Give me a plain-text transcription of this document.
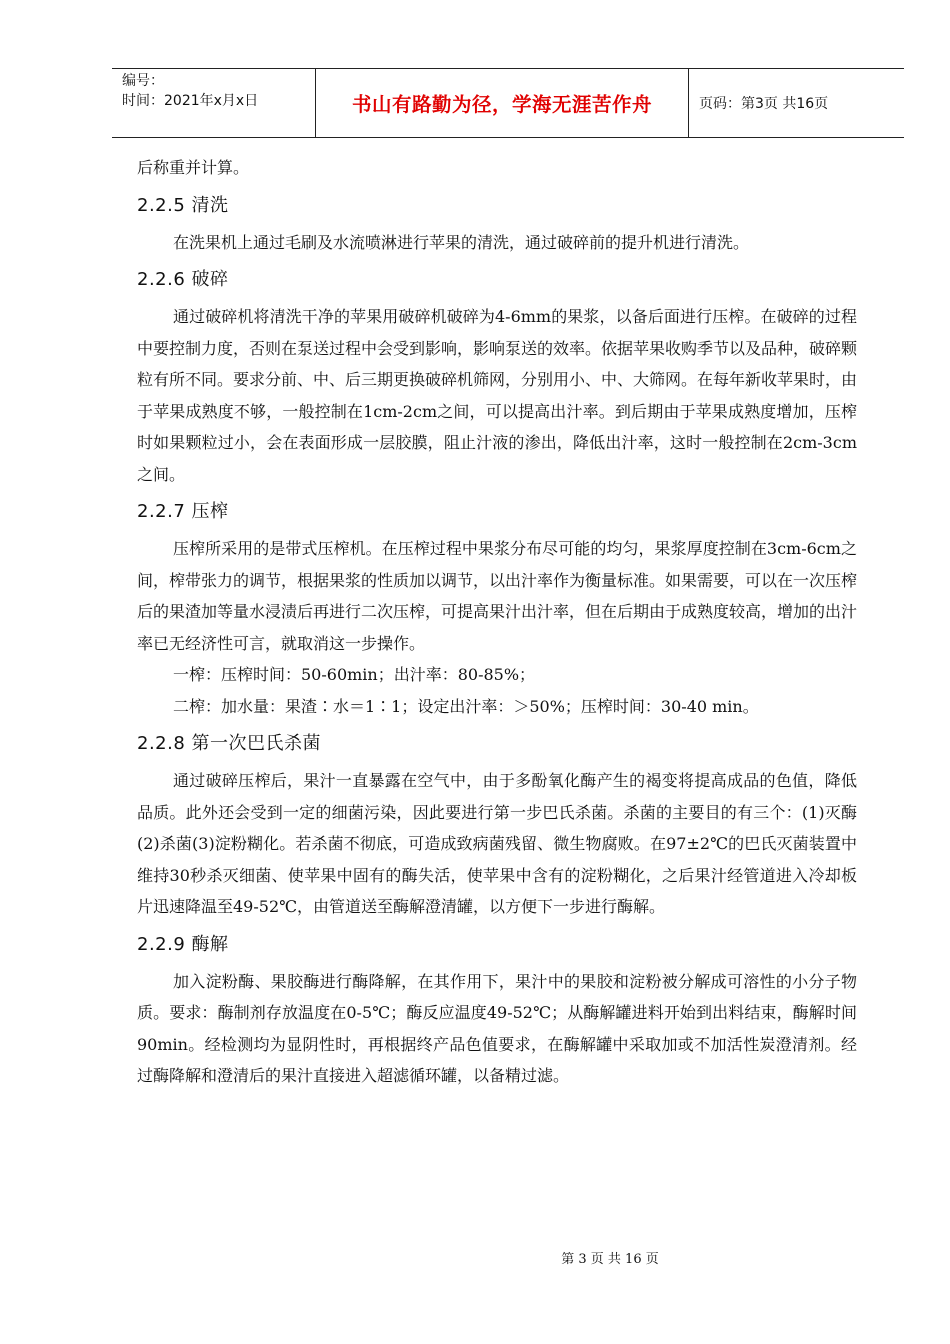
编号：
时间：2021年x月x日	书山有路勤为径，学海无涯苦作舟	页码：第3页 共16页

后称重并计算。

2.2.5 清洗

在洗果机上通过毛刷及水流喷淋进行苹果的清洗，通过破碎前的提升机进行清洗。

2.2.6 破碎

通过破碎机将清洗干净的苹果用破碎机破碎为4-6mm的果浆，以备后面进行压榨。在破碎的过程中要控制力度，否则在泵送过程中会受到影响，影响泵送的效率。依据苹果收购季节以及品种，破碎颗粒有所不同。要求分前、中、后三期更换破碎机筛网，分别用小、中、大筛网。在每年新收苹果时，由于苹果成熟度不够，一般控制在1cm-2cm之间，可以提高出汁率。到后期由于苹果成熟度增加，压榨时如果颗粒过小，会在表面形成一层胶膜，阻止汁液的渗出，降低出汁率，这时一般控制在2cm-3cm之间。

2.2.7 压榨

压榨所采用的是带式压榨机。在压榨过程中果浆分布尽可能的均匀，果浆厚度控制在3cm-6cm之间，榨带张力的调节，根据果浆的性质加以调节，以出汁率作为衡量标准。如果需要，可以在一次压榨后的果渣加等量水浸渍后再进行二次压榨，可提高果汁出汁率，但在后期由于成熟度较高，增加的出汁率已无经济性可言，就取消这一步操作。

一榨：压榨时间：50-60min；出汁率：80-85%；

二榨：加水量：果渣∶水＝1∶1；设定出汁率：＞50%；压榨时间：30-40 min。

2.2.8 第一次巴氏杀菌

通过破碎压榨后，果汁一直暴露在空气中，由于多酚氧化酶产生的褐变将提高成品的色值，降低品质。此外还会受到一定的细菌污染，因此要进行第一步巴氏杀菌。杀菌的主要目的有三个：(1)灭酶(2)杀菌(3)淀粉糊化。若杀菌不彻底，可造成致病菌残留、微生物腐败。在97±2℃的巴氏灭菌装置中维持30秒杀灭细菌、使苹果中固有的酶失活，使苹果中含有的淀粉糊化，之后果汁经管道进入冷却板片迅速降温至49-52℃，由管道送至酶解澄清罐，以方便下一步进行酶解。

2.2.9 酶解

加入淀粉酶、果胶酶进行酶降解，在其作用下，果汁中的果胶和淀粉被分解成可溶性的小分子物质。要求：酶制剂存放温度在0-5℃；酶反应温度49-52℃；从酶解罐进料开始到出料结束，酶解时间90min。经检测均为显阴性时，再根据终产品色值要求，在酶解罐中采取加或不加活性炭澄清剂。经过酶降解和澄清后的果汁直接进入超滤循环罐，以备精过滤。

第 3 页 共 16 页
